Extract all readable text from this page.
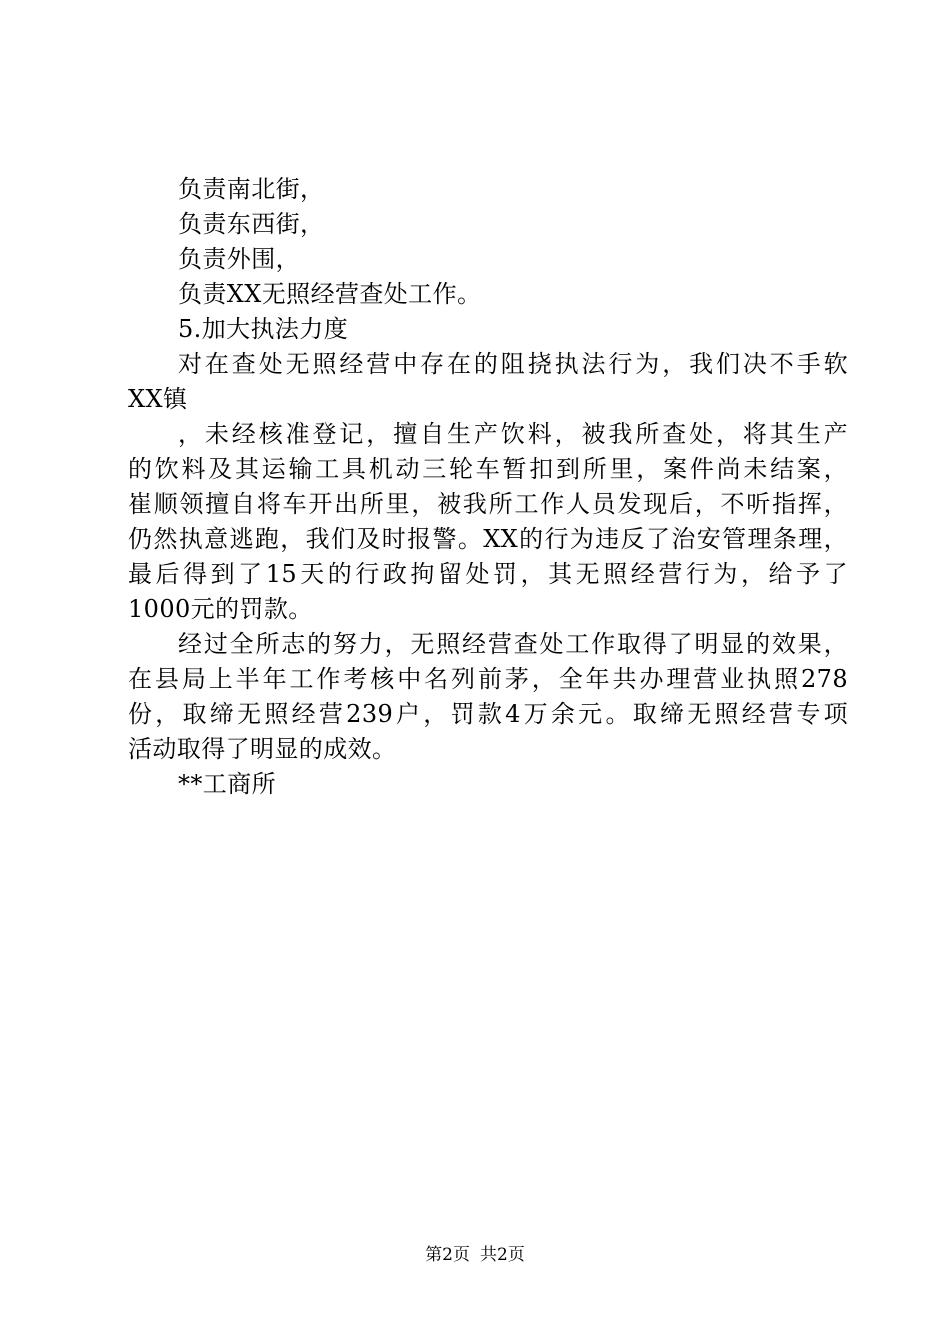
负责南北街，
负责东西街，
负责外围，
负责XX无照经营查处工作。
5.加大执法力度
对在查处无照经营中存在的阻挠执法行为，我们决不手软
XX镇
，未经核准登记，擅自生产饮料，被我所查处，将其生产
的饮料及其运输工具机动三轮车暂扣到所里，案件尚未结案，
崔顺领擅自将车开出所里，被我所工作人员发现后，不听指挥，
仍然执意逃跑，我们及时报警。XX的行为违反了治安管理条理，
最后得到了15天的行政拘留处罚，其无照经营行为，给予了
1000元的罚款。
经过全所志的努力，无照经营查处工作取得了明显的效果，
在县局上半年工作考核中名列前茅，全年共办理营业执照278
份，取缔无照经营239户，罚款4万余元。取缔无照经营专项
活动取得了明显的成效。
**工商所
第2页 共2页
